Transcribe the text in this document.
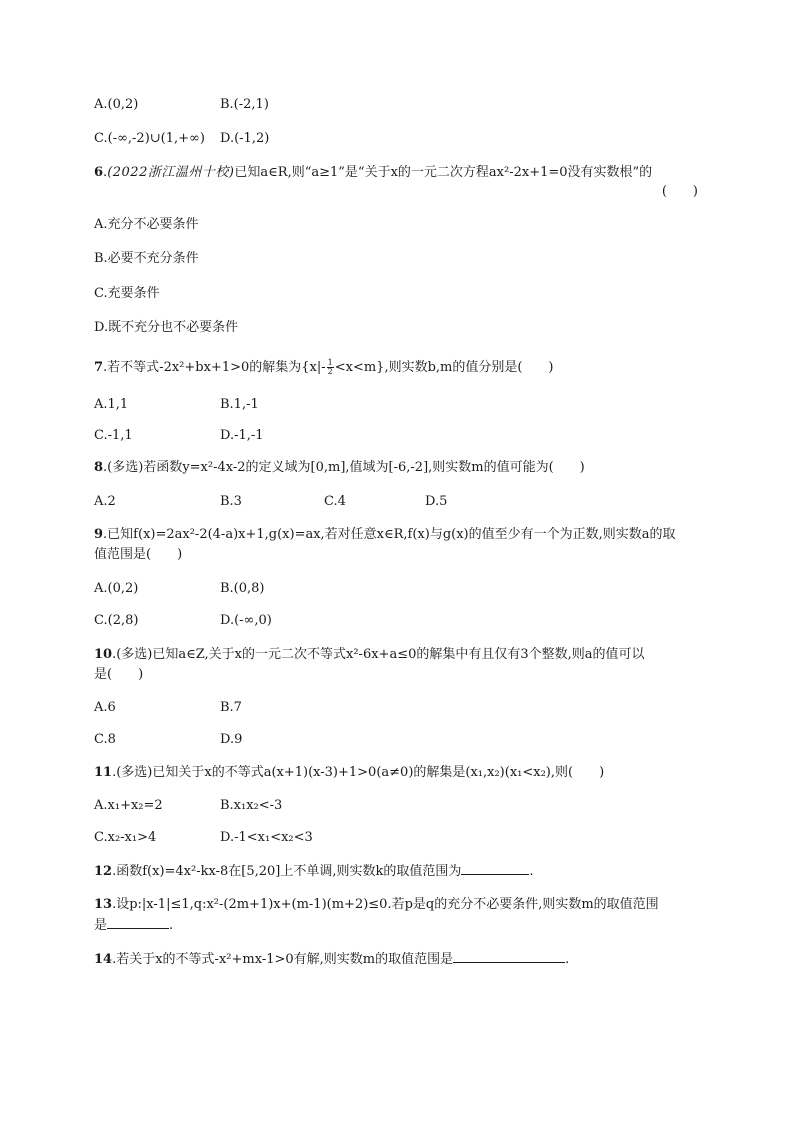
A.(0,2)	B.(-2,1)
C.(-∞,-2)∪(1,+∞) D.(-1,2)
6.(2022浙江温州十校)已知a∈R,则“a≥1”是“关于x的一元二次方程ax²-2x+1=0没有实数根”的
(　　)
A.充分不必要条件
B.必要不充分条件
C.充要条件
D.既不充分也不必要条件
7.若不等式-2x²+bx+1>0的解集为$\{x|- \frac{1}{2} <x<m\}$,则实数b,m的值分别是(　　)
A.1,1	B.1,-1
C.-1,1	D.-1,-1
8.(多选)若函数y=x²-4x-2的定义域为[0,m],值域为[-6,-2],则实数m的值可能为(　　)
A.2	B.3	C.4	D.5
9.已知f(x)=2ax²-2(4-a)x+1,g(x)=ax,若对任意x∈R,f(x)与g(x)的值至少有一个为正数,则实数a的取
值范围是(　　)
A.(0,2)	B.(0,8)
C.(2,8)	D.(-∞,0)
10.(多选)已知a∈Z,关于x的一元二次不等式x²-6x+a≤0的解集中有且仅有3个整数,则a的值可以
是(　　)
A.6	B.7
C.8	D.9
11.(多选)已知关于x的不等式a(x+1)(x-3)+1>0(a≠0)的解集是(x₁,x₂)(x₁<x₂),则(　　)
A.x₁+x₂=2	B.x₁x₂<-3
C.x₂-x₁>4	D.-1<x₁<x₂<3
12.函数f(x)=4x²-kx-8在[5,20]上不单调,则实数k的取值范围为	.
13.设p:|x-1|≤1,q:x²-(2m+1)x+(m-1)(m+2)≤0.若p是q的充分不必要条件,则实数m的取值范围
是	.
14.若关于x的不等式-x²+mx-1>0有解,则实数m的取值范围是	.
